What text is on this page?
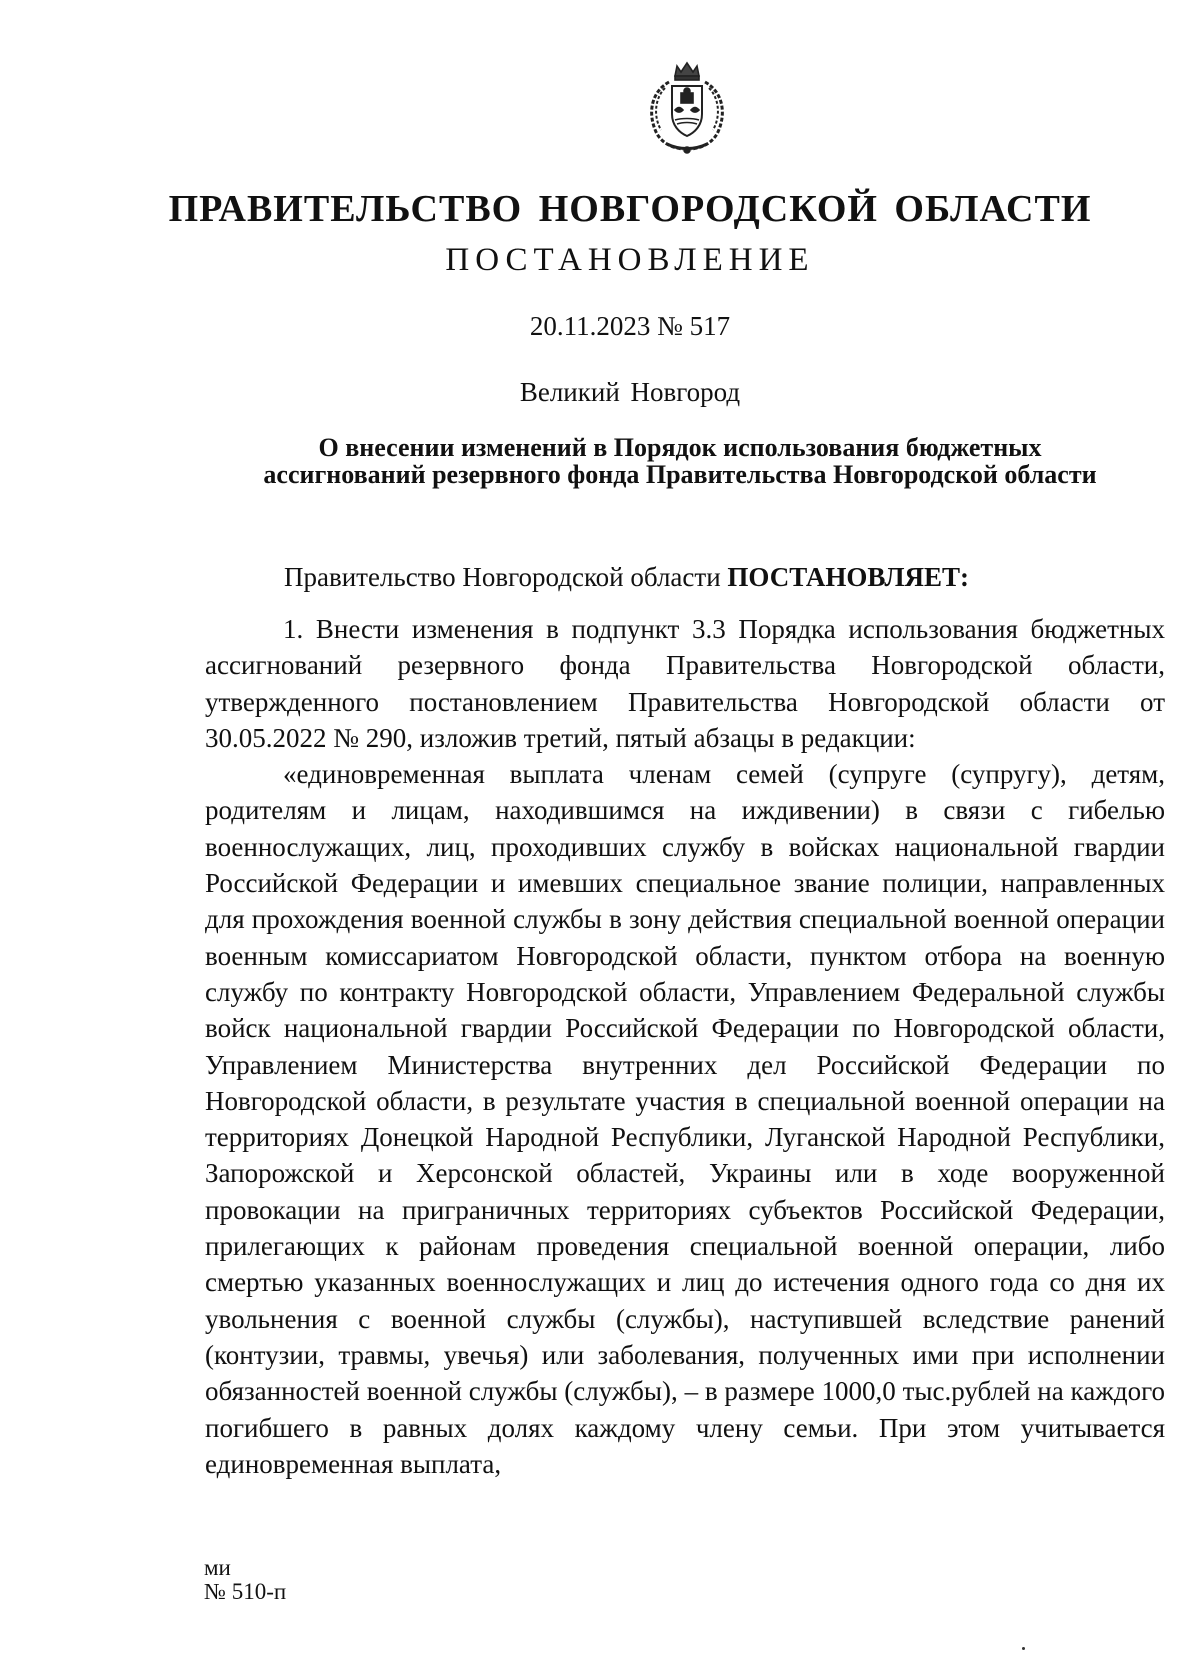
ПРАВИТЕЛЬСТВО НОВГОРОДСКОЙ ОБЛАСТИ
ПОСТАНОВЛЕНИЕ
20.11.2023 № 517
Великий Новгород
О внесении изменений в Порядок использования бюджетных
ассигнований резервного фонда Правительства Новгородской области
Правительство Новгородской области ПОСТАНОВЛЯЕТ:

1. Внести изменения в подпункт 3.3 Порядка использования бюджетных ассигнований резервного фонда Правительства Новгородской области, утвержденного постановлением Правительства Новгородской области от 30.05.2022 № 290, изложив третий, пятый абзацы в редакции:

«единовременная выплата членам семей (супруге (супругу), детям, родителям и лицам, находившимся на иждивении) в связи с гибелью военнослужащих, лиц, проходивших службу в войсках национальной гвардии Российской Федерации и имевших специальное звание полиции, направленных для прохождения военной службы в зону действия специальной военной операции военным комиссариатом Новгородской области, пунктом отбора на военную службу по контракту Новгородской области, Управлением Федеральной службы войск национальной гвардии Российской Федерации по Новгородской области, Управлением Министерства внутренних дел Российской Федерации по Новгородской области, в результате участия в специальной военной операции на территориях Донецкой Народной Республики, Луганской Народной Республики, Запорожской и Херсонской областей, Украины или в ходе вооруженной провокации на приграничных территориях субъектов Российской Федерации, прилегающих к районам проведения специальной военной операции, либо смертью указанных военнослужащих и лиц до истечения одного года со дня их увольнения с военной службы (службы), наступившей вследствие ранений (контузии, травмы, увечья) или заболевания, полученных ими при исполнении обязанностей военной службы (службы), – в размере 1000,0 тыс.рублей на каждого погибшего в равных долях каждому члену семьи. При этом учитывается единовременная выплата,

ми
№ 510-п
